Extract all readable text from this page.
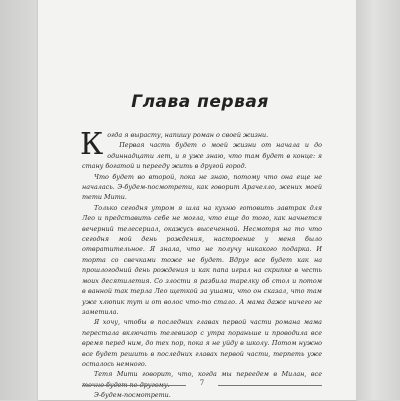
Глава первая

Когда я вырасту, напишу роман о своей жизни.

Первая часть будет о моей жизни от начала и до одиннадцати лет, и я уже знаю, что там будет в конце: я стану богатой и перееду жить в другой город.

Что будет во второй, пока не знаю, потому что она еще не началась. Э-будем-посмотрети, как говорит Арачелло, жених моей тети Мити.

Только сегодня утром я шла на кухню готовить завтрак для Лео и представить себе не могла, что еще до того, как начнется вечерний телесериал, окажусь высеченной. Несмотря на то что сегодня мой день рождения, настроение у меня было отвратительное. Я знала, что не получу никакого подарка. И торта со свечками тоже не будет. Вдруг все будет как на прошлогодний день рождения и как папа играл на скрипке в честь моих десятилетия. Со злости я разбила тарелку об стол и потом в ванной так терла Лео щеткой за ушами, что он сказал, что там уже хлюпик тут и от волос что-то стало. А мама даже ничего не заметила.

Я хочу, чтобы в последних главах первой части романа мама перестала включать телевизор с утра пораньше и проводила все время перед ним, до тех пор, пока я не уйду в школу. Потом нужно все будет решить в последних главах первой части, терпеть уже осталось немного.

Тетя Мити говорит, что, когда мы переедем в Милан, все точно будет по-другому.

Э-будем-посмотрети.

7
